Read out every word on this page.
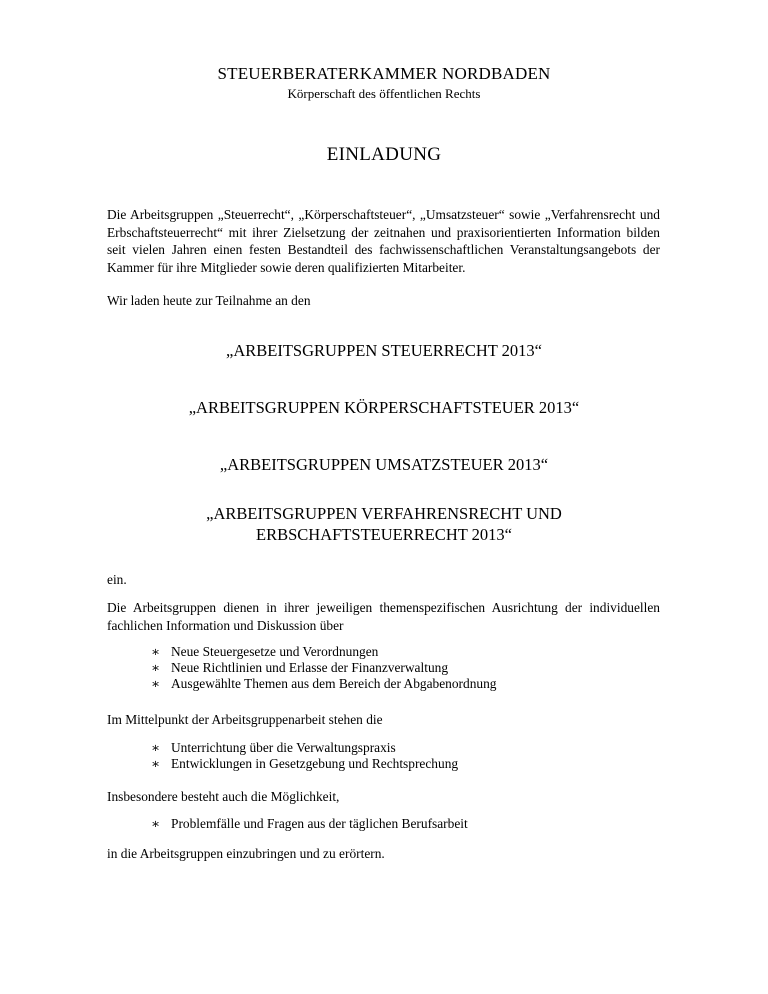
STEUERBERATERKAMMER NORDBADEN
Körperschaft des öffentlichen Rechts
EINLADUNG
Die Arbeitsgruppen „Steuerrecht“, „Körperschaftsteuer“, „Umsatzsteuer“ sowie „Verfahrensrecht und Erbschaftsteuerrecht“ mit ihrer Zielsetzung der zeitnahen und praxisorientierten Information bilden seit vielen Jahren einen festen Bestandteil des fachwissenschaftlichen Veranstaltungsangebots der Kammer für ihre Mitglieder sowie deren qualifizierten Mitarbeiter.
Wir laden heute zur Teilnahme an den
„ARBEITSGRUPPEN STEUERRECHT 2013“
„ARBEITSGRUPPEN KÖRPERSCHAFTSTEUER 2013“
„ARBEITSGRUPPEN UMSATZSTEUER 2013“
„ARBEITSGRUPPEN VERFAHRENSRECHT UND
ERBSCHAFTSTEUERRECHT 2013“
ein.
Die Arbeitsgruppen dienen in ihrer jeweiligen themenspezifischen Ausrichtung der individuellen fachlichen Information und Diskussion über
∗ Neue Steuergesetze und Verordnungen
∗ Neue Richtlinien und Erlasse der Finanzverwaltung
∗ Ausgewählte Themen aus dem Bereich der Abgabenordnung
Im Mittelpunkt der Arbeitsgruppenarbeit stehen die
∗ Unterrichtung über die Verwaltungspraxis
∗ Entwicklungen in Gesetzgebung und Rechtsprechung
Insbesondere besteht auch die Möglichkeit,
∗ Problemfälle und Fragen aus der täglichen Berufsarbeit
in die Arbeitsgruppen einzubringen und zu erörtern.
